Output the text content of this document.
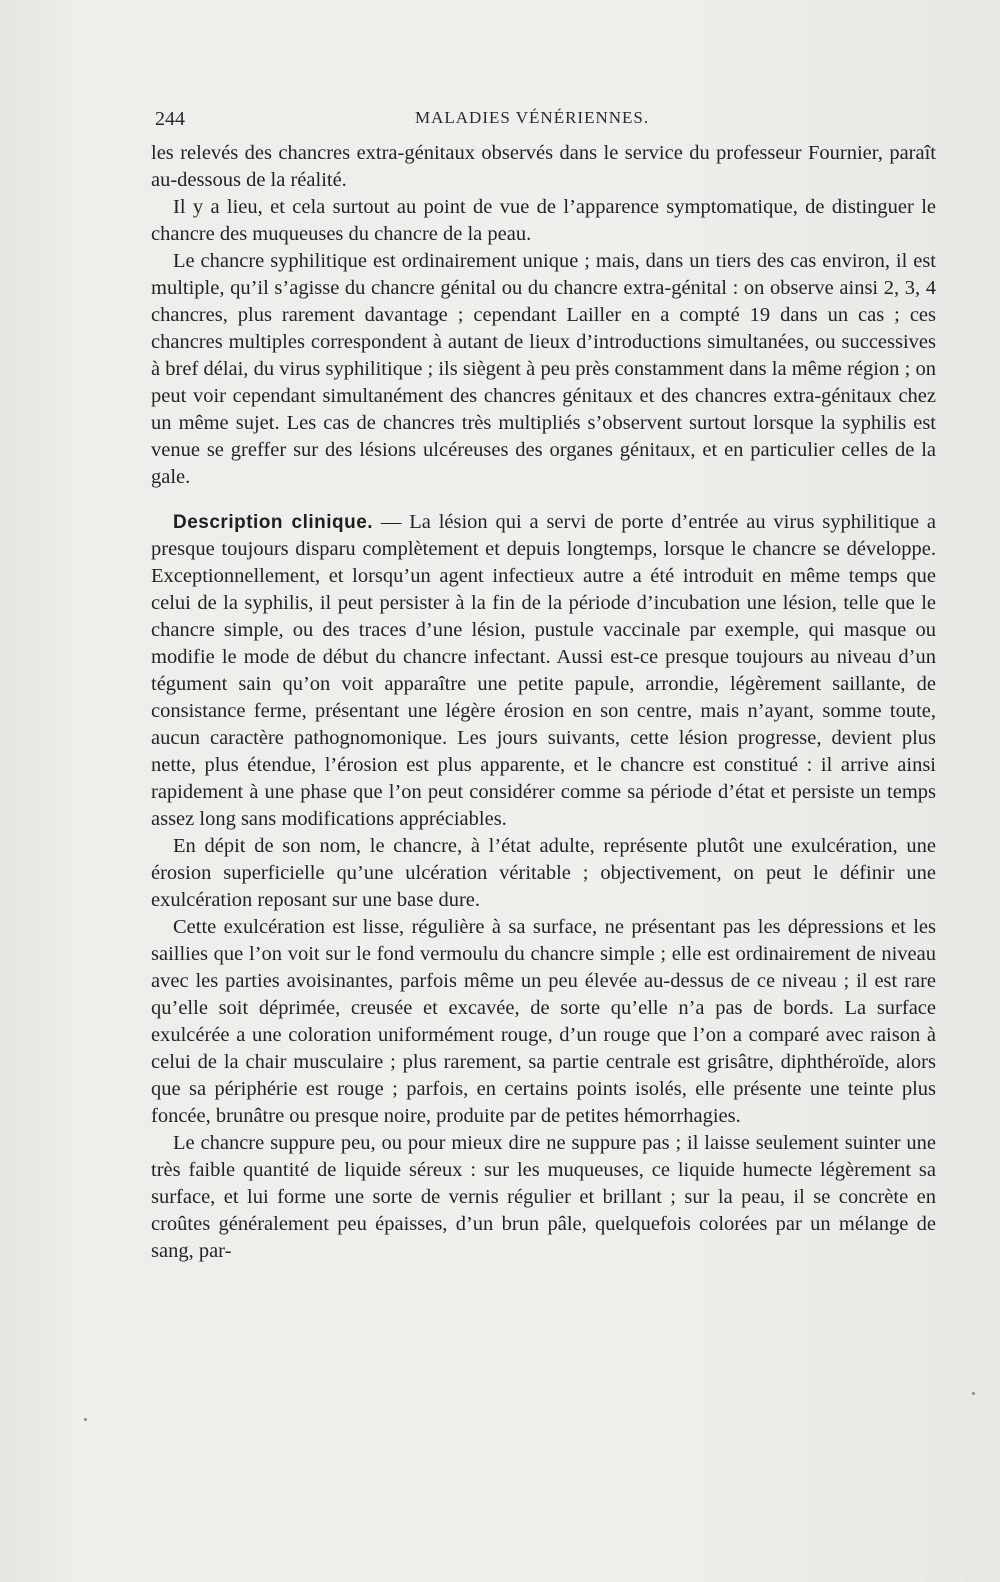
244	MALADIES VÉNÉRIENNES.

les relevés des chancres extra-génitaux observés dans le service du professeur Fournier, paraît au-dessous de la réalité.

Il y a lieu, et cela surtout au point de vue de l’apparence symptomatique, de distinguer le chancre des muqueuses du chancre de la peau.

Le chancre syphilitique est ordinairement unique ; mais, dans un tiers des cas environ, il est multiple, qu’il s’agisse du chancre génital ou du chancre extra-génital : on observe ainsi 2, 3, 4 chancres, plus rarement davantage ; cependant Lailler en a compté 19 dans un cas ; ces chancres multiples correspondent à autant de lieux d’introductions simultanées, ou successives à bref délai, du virus syphilitique ; ils siègent à peu près constamment dans la même région ; on peut voir cependant simultanément des chancres génitaux et des chancres extra-génitaux chez un même sujet. Les cas de chancres très multipliés s’observent surtout lorsque la syphilis est venue se greffer sur des lésions ulcéreuses des organes génitaux, et en particulier celles de la gale.

Description clinique. — La lésion qui a servi de porte d’entrée au virus syphilitique a presque toujours disparu complètement et depuis longtemps, lorsque le chancre se développe. Exceptionnellement, et lorsqu’un agent infectieux autre a été introduit en même temps que celui de la syphilis, il peut persister à la fin de la période d’incubation une lésion, telle que le chancre simple, ou des traces d’une lésion, pustule vaccinale par exemple, qui masque ou modifie le mode de début du chancre infectant. Aussi est-ce presque toujours au niveau d’un tégument sain qu’on voit apparaître une petite papule, arrondie, légèrement saillante, de consistance ferme, présentant une légère érosion en son centre, mais n’ayant, somme toute, aucun caractère pathognomonique. Les jours suivants, cette lésion progresse, devient plus nette, plus étendue, l’érosion est plus apparente, et le chancre est constitué : il arrive ainsi rapidement à une phase que l’on peut considérer comme sa période d’état et persiste un temps assez long sans modifications appréciables.

En dépit de son nom, le chancre, à l’état adulte, représente plutôt une exulcération, une érosion superficielle qu’une ulcération véritable ; objectivement, on peut le définir une exulcération reposant sur une base dure.

Cette exulcération est lisse, régulière à sa surface, ne présentant pas les dépressions et les saillies que l’on voit sur le fond vermoulu du chancre simple ; elle est ordinairement de niveau avec les parties avoisinantes, parfois même un peu élevée au-dessus de ce niveau ; il est rare qu’elle soit déprimée, creusée et excavée, de sorte qu’elle n’a pas de bords. La surface exulcérée a une coloration uniformément rouge, d’un rouge que l’on a comparé avec raison à celui de la chair musculaire ; plus rarement, sa partie centrale est grisâtre, diphthéroïde, alors que sa périphérie est rouge ; parfois, en certains points isolés, elle présente une teinte plus foncée, brunâtre ou presque noire, produite par de petites hémorrhagies.

Le chancre suppure peu, ou pour mieux dire ne suppure pas ; il laisse seulement suinter une très faible quantité de liquide séreux : sur les muqueuses, ce liquide humecte légèrement sa surface, et lui forme une sorte de vernis régulier et brillant ; sur la peau, il se concrète en croûtes généralement peu épaisses, d’un brun pâle, quelquefois colorées par un mélange de sang, par-
